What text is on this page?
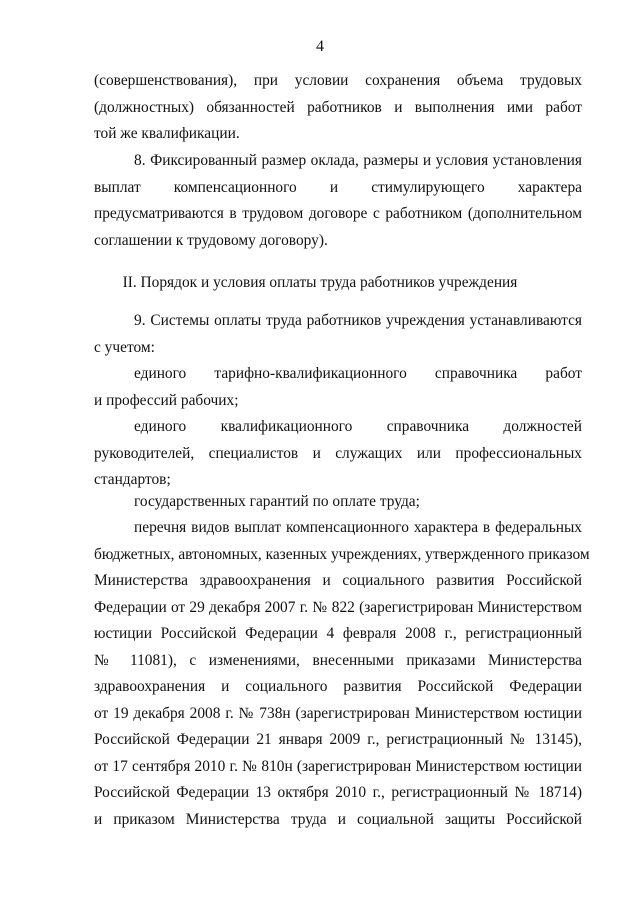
4
(совершенствования), при условии сохранения объема трудовых
(должностных) обязанностей работников и выполнения ими работ
той же квалификации.
8. Фиксированный размер оклада, размеры и условия установления
выплат компенсационного и стимулирующего характера
предусматриваются в трудовом договоре с работником (дополнительном
соглашении к трудовому договору).
II. Порядок и условия оплаты труда работников учреждения
9. Системы оплаты труда работников учреждения устанавливаются
с учетом:
единого тарифно-квалификационного справочника работ
и профессий рабочих;
единого квалификационного справочника должностей
руководителей, специалистов и служащих или профессиональных
стандартов;
государственных гарантий по оплате труда;
перечня видов выплат компенсационного характера в федеральных
бюджетных, автономных, казенных учреждениях, утвержденного приказом
Министерства здравоохранения и социального развития Российской
Федерации от 29 декабря 2007 г. № 822 (зарегистрирован Министерством
юстиции Российской Федерации 4 февраля 2008 г., регистрационный
№ 11081), с изменениями, внесенными приказами Министерства
здравоохранения и социального развития Российской Федерации
от 19 декабря 2008 г. № 738н (зарегистрирован Министерством юстиции
Российской Федерации 21 января 2009 г., регистрационный № 13145),
от 17 сентября 2010 г. № 810н (зарегистрирован Министерством юстиции
Российской Федерации 13 октября 2010 г., регистрационный № 18714)
и приказом Министерства труда и социальной защиты Российской
